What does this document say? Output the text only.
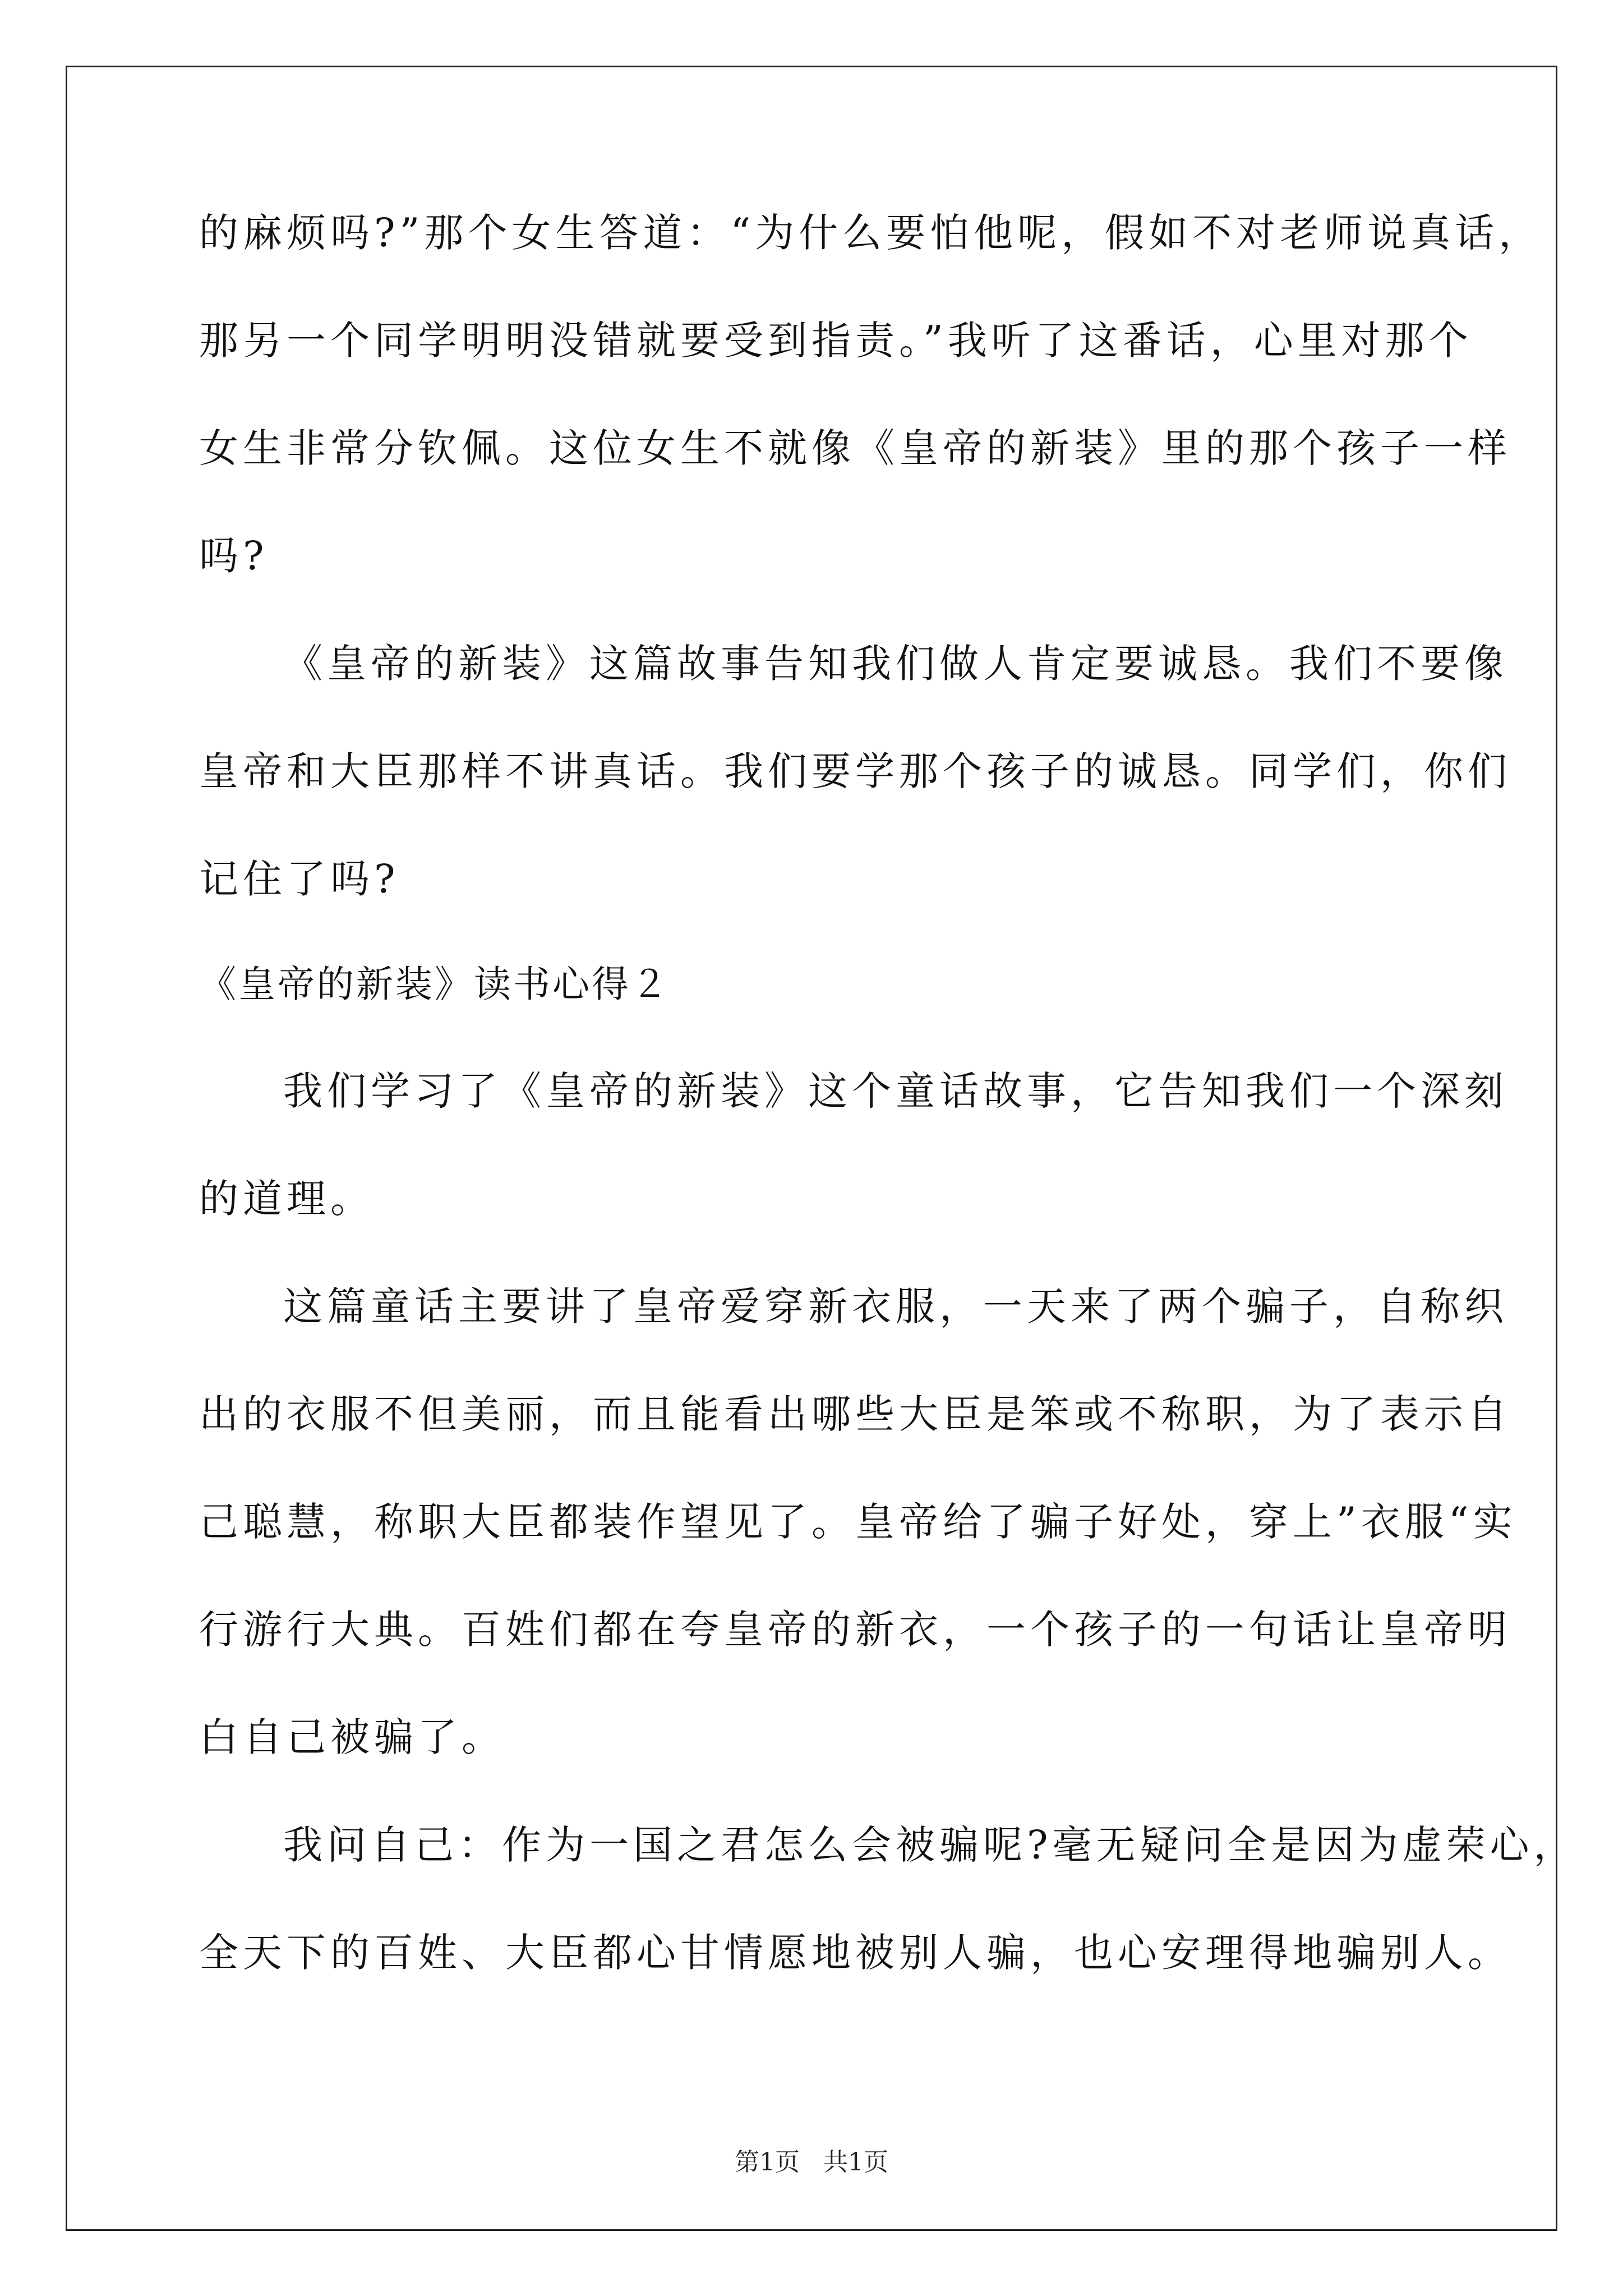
的麻烦吗?”那个女生答道：“为什么要怕他呢，假如不对老师说真话，
那另一个同学明明没错就要受到指责。”我听了这番话，心里对那个
女生非常分钦佩。这位女生不就像《皇帝的新装》里的那个孩子一样
吗?
《皇帝的新装》这篇故事告知我们做人肯定要诚恳。我们不要像
皇帝和大臣那样不讲真话。我们要学那个孩子的诚恳。同学们，你们
记住了吗?
《皇帝的新装》读书心得２
我们学习了《皇帝的新装》这个童话故事，它告知我们一个深刻
的道理。
这篇童话主要讲了皇帝爱穿新衣服，一天来了两个骗子，自称织
出的衣服不但美丽，而且能看出哪些大臣是笨或不称职，为了表示自
己聪慧，称职大臣都装作望见了。皇帝给了骗子好处，穿上”衣服“实
行游行大典。百姓们都在夸皇帝的新衣，一个孩子的一句话让皇帝明
白自己被骗了。
我问自己：作为一国之君怎么会被骗呢?毫无疑问全是因为虚荣心，
全天下的百姓、大臣都心甘情愿地被别人骗，也心安理得地骗别人。
第1页 共1页
